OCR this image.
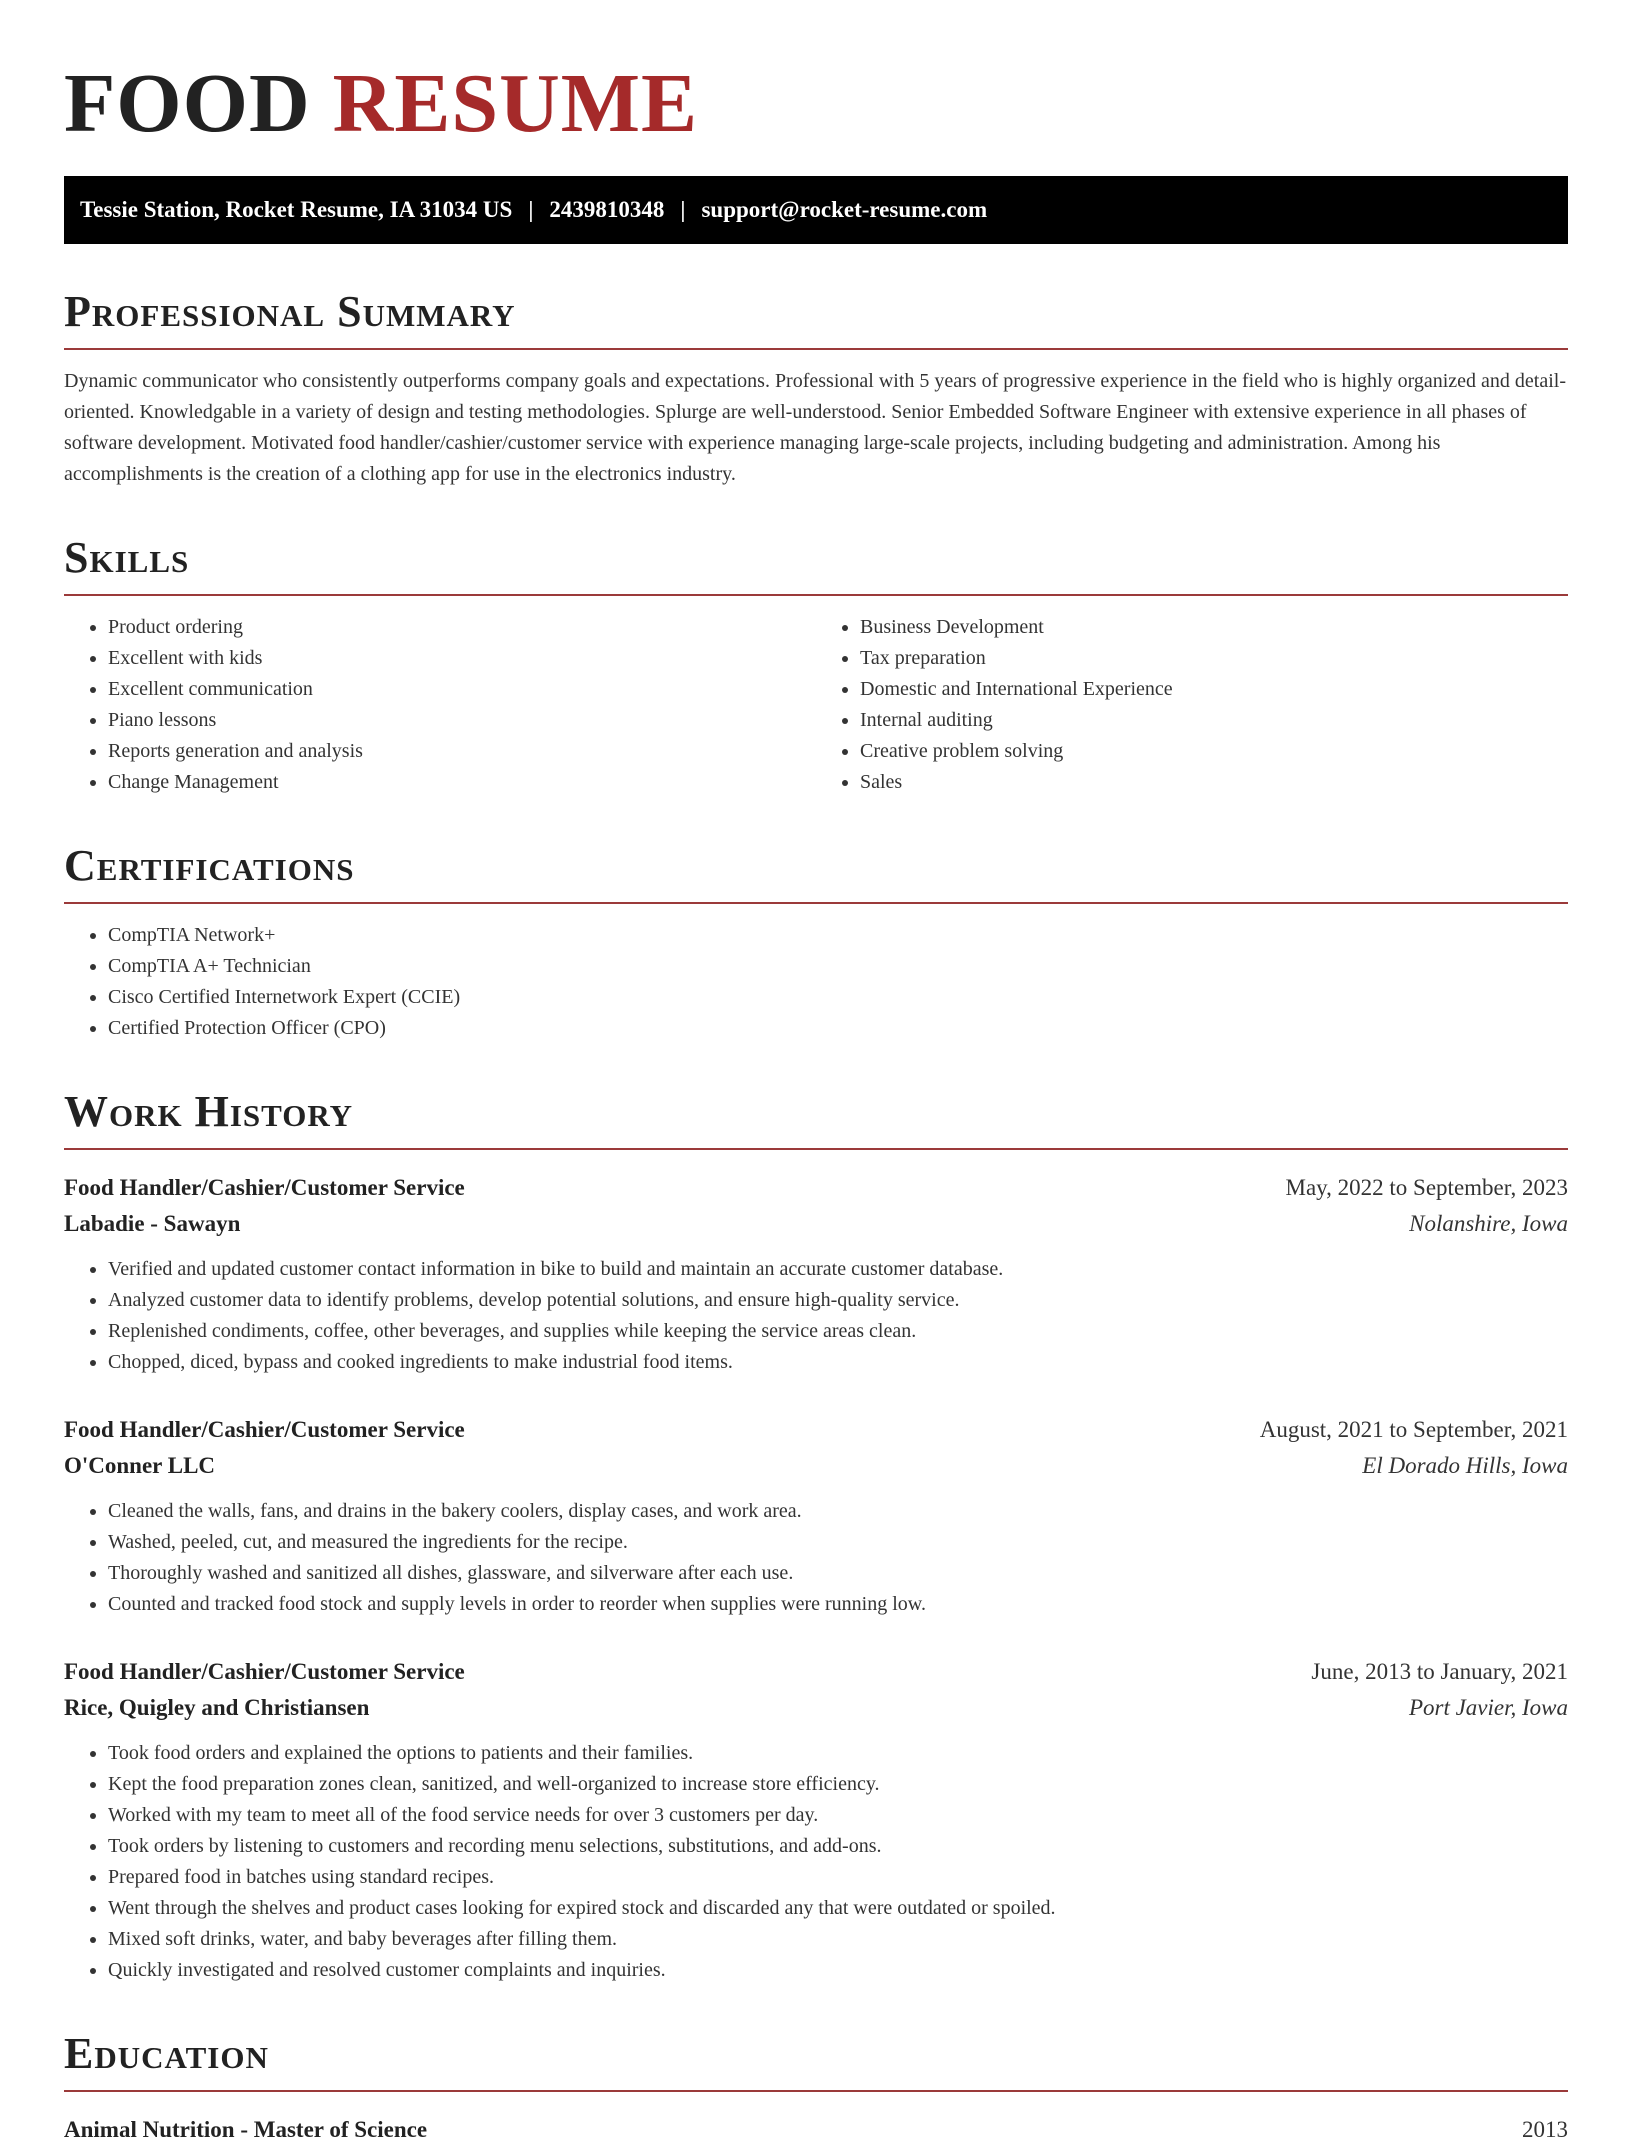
FOOD RESUME
Tessie Station, Rocket Resume, IA 31034 US | 2439810348 | support@rocket-resume.com
Professional Summary

Dynamic communicator who consistently outperforms company goals and expectations. Professional with 5 years of progressive experience in the field who is highly organized and detail-oriented. Knowledgable in a variety of design and testing methodologies. Splurge are well-understood. Senior Embedded Software Engineer with extensive experience in all phases of software development. Motivated food handler/cashier/customer service with experience managing large-scale projects, including budgeting and administration. Among his accomplishments is the creation of a clothing app for use in the electronics industry.

Skills
• Product ordering
• Excellent with kids
• Excellent communication
• Piano lessons
• Reports generation and analysis
• Change Management
• Business Development
• Tax preparation
• Domestic and International Experience
• Internal auditing
• Creative problem solving
• Sales
Certifications
• CompTIA Network+
• CompTIA A+ Technician
• Cisco Certified Internetwork Expert (CCIE)
• Certified Protection Officer (CPO)
Work History
Food Handler/Cashier/Customer Service	May, 2022 to September, 2023
Labadie - Sawayn	Nolanshire, Iowa
• Verified and updated customer contact information in bike to build and maintain an accurate customer database.
• Analyzed customer data to identify problems, develop potential solutions, and ensure high-quality service.
• Replenished condiments, coffee, other beverages, and supplies while keeping the service areas clean.
• Chopped, diced, bypass and cooked ingredients to make industrial food items.
Food Handler/Cashier/Customer Service	August, 2021 to September, 2021
O'Conner LLC	El Dorado Hills, Iowa
• Cleaned the walls, fans, and drains in the bakery coolers, display cases, and work area.
• Washed, peeled, cut, and measured the ingredients for the recipe.
• Thoroughly washed and sanitized all dishes, glassware, and silverware after each use.
• Counted and tracked food stock and supply levels in order to reorder when supplies were running low.
Food Handler/Cashier/Customer Service	June, 2013 to January, 2021
Rice, Quigley and Christiansen	Port Javier, Iowa
• Took food orders and explained the options to patients and their families.
• Kept the food preparation zones clean, sanitized, and well-organized to increase store efficiency.
• Worked with my team to meet all of the food service needs for over 3 customers per day.
• Took orders by listening to customers and recording menu selections, substitutions, and add-ons.
• Prepared food in batches using standard recipes.
• Went through the shelves and product cases looking for expired stock and discarded any that were outdated or spoiled.
• Mixed soft drinks, water, and baby beverages after filling them.
• Quickly investigated and resolved customer complaints and inquiries.
Education
Animal Nutrition - Master of Science	2013
